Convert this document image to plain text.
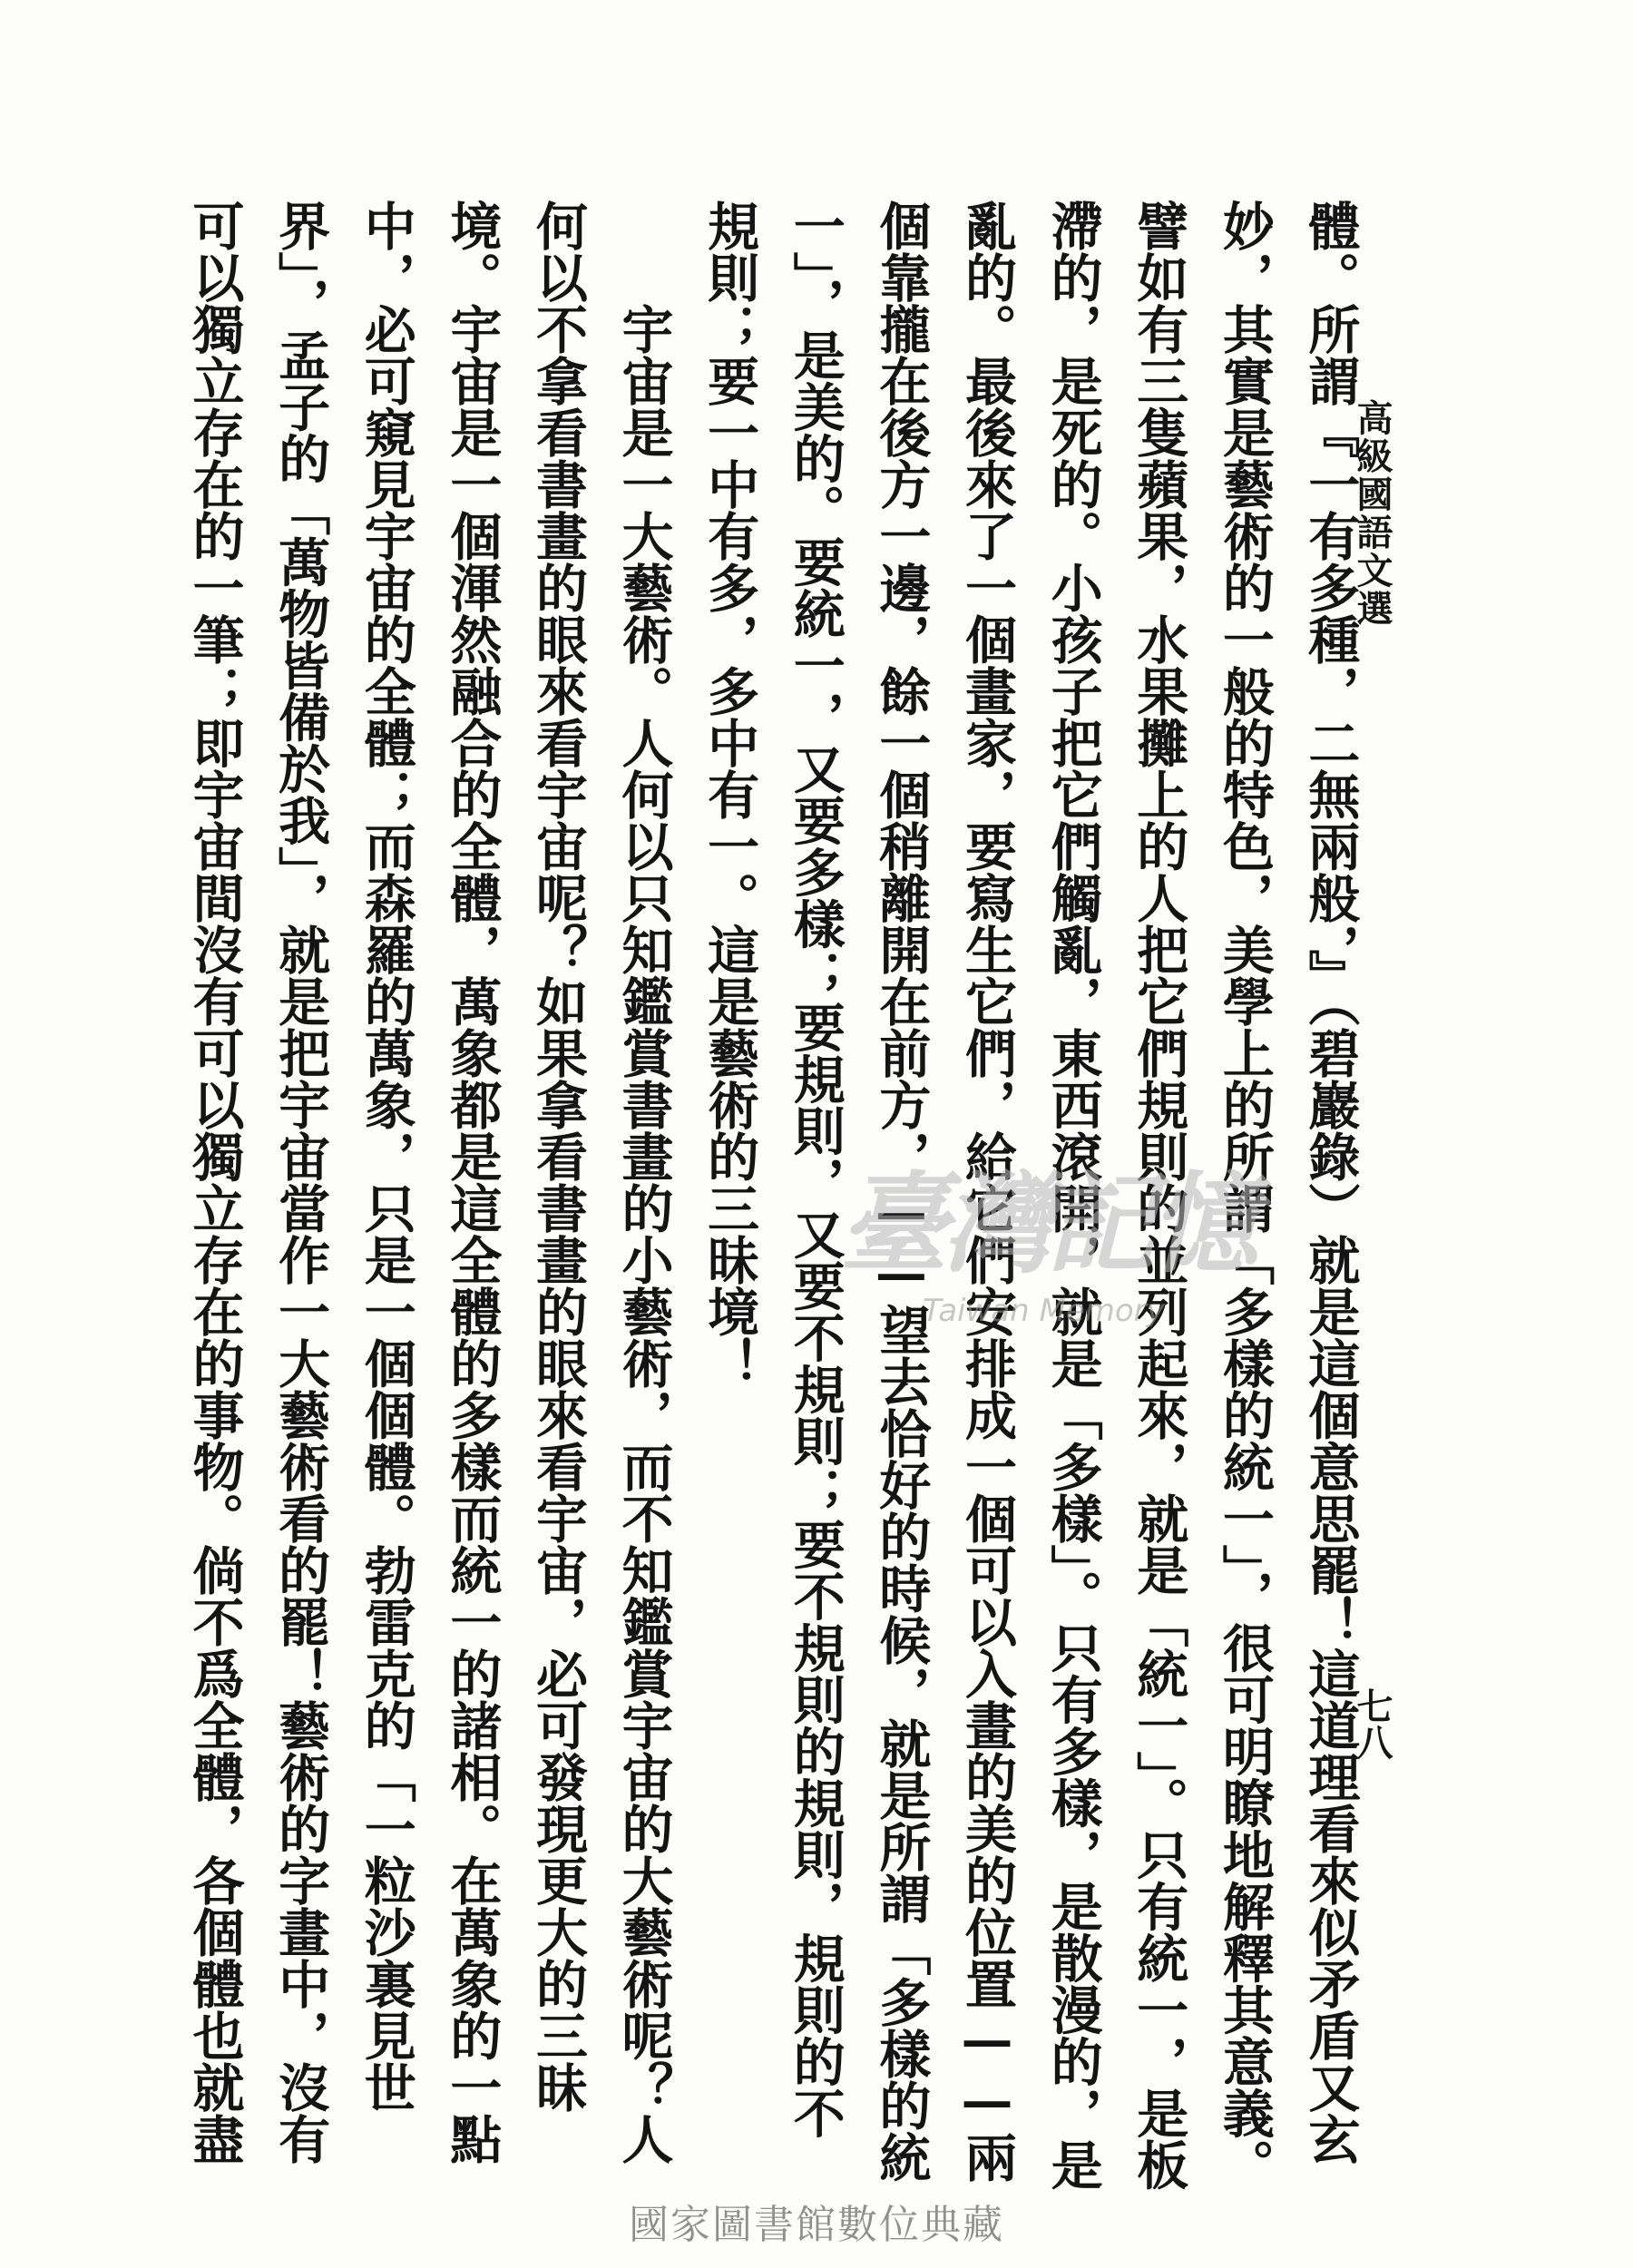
高級國語文選
七八
體。所謂『一有多種，二無兩般，』（碧巖錄）就是這個意思罷！這道理看來似矛盾又玄
妙，其實是藝術的一般的特色，美學上的所謂「多樣的統一」，很可明瞭地解釋其意義。
譬如有三隻蘋果，水果攤上的人把它們規則的並列起來，就是「統一」。只有統一，是板
滯的，是死的。小孩子把它們觸亂，東西滾開，就是「多樣」。只有多樣，是散漫的，是
亂的。最後來了一個畫家，要寫生它們，給它們安排成一個可以入畫的美的位置——兩
個靠攏在後方一邊，餘一個稍離開在前方，——望去恰好的時候，就是所謂「多樣的統
一」，是美的。要統一，又要多樣；要規則，又要不規則；要不規則的規則，規則的不
規則；要一中有多，多中有一。這是藝術的三昧境！
宇宙是一大藝術。人何以只知鑑賞書畫的小藝術，而不知鑑賞宇宙的大藝術呢？人
何以不拿看書畫的眼來看宇宙呢？如果拿看書畫的眼來看宇宙，必可發現更大的三昧
境。宇宙是一個渾然融合的全體，萬象都是這全體的多樣而統一的諸相。在萬象的一點
中，必可窺見宇宙的全體；而森羅的萬象，只是一個個體。勃雷克的「一粒沙裏見世
界」，孟子的「萬物皆備於我」，就是把宇宙當作一大藝術看的罷！藝術的字畫中，沒有
可以獨立存在的一筆；即宇宙間沒有可以獨立存在的事物。倘不爲全體，各個體也就盡	臺灣記憶
Taiwan Memory
國家圖書館數位典藏
